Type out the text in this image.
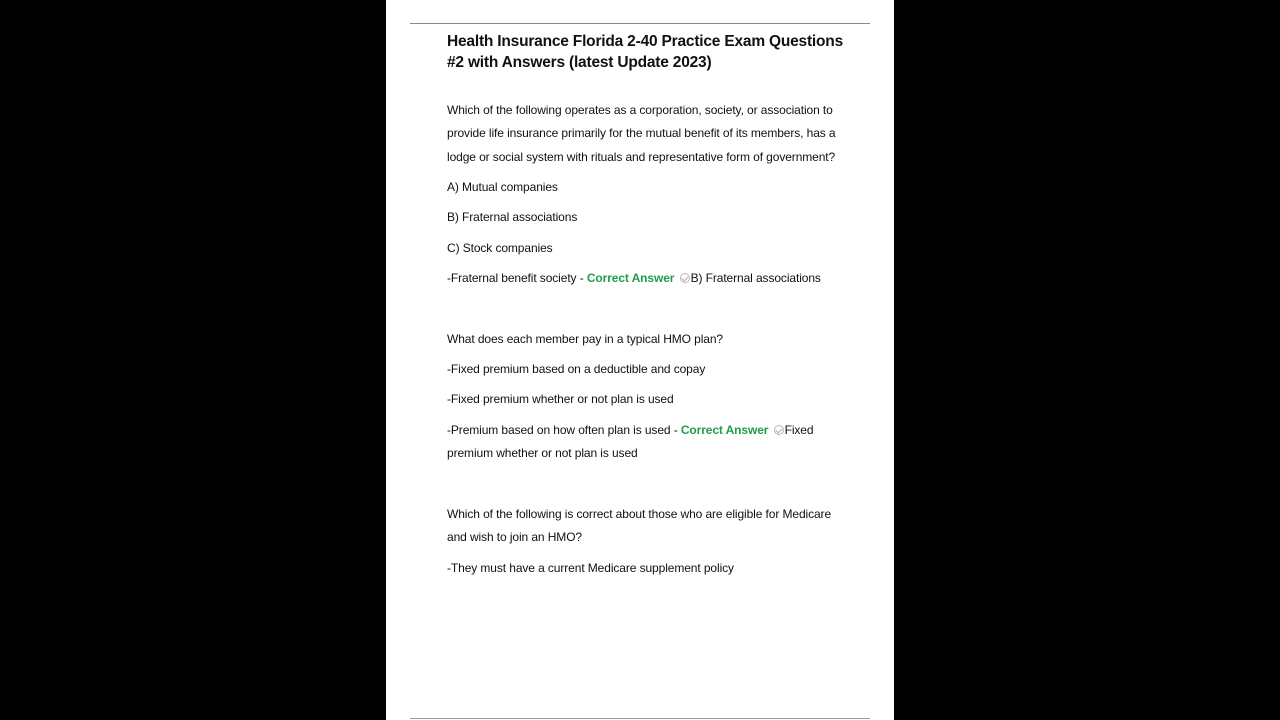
Health Insurance Florida 2-40 Practice Exam Questions #2 with Answers (latest Update 2023)
Which of the following operates as a corporation, society, or association to
provide life insurance primarily for the mutual benefit of its members, has a
lodge or social system with rituals and representative form of government?
A) Mutual companies
B) Fraternal associations
C) Stock companies
-Fraternal benefit society - Correct Answer B) Fraternal associations
What does each member pay in a typical HMO plan?
-Fixed premium based on a deductible and copay
-Fixed premium whether or not plan is used
-Premium based on how often plan is used - Correct Answer Fixed
premium whether or not plan is used
Which of the following is correct about those who are eligible for Medicare
and wish to join an HMO?
-They must have a current Medicare supplement policy
